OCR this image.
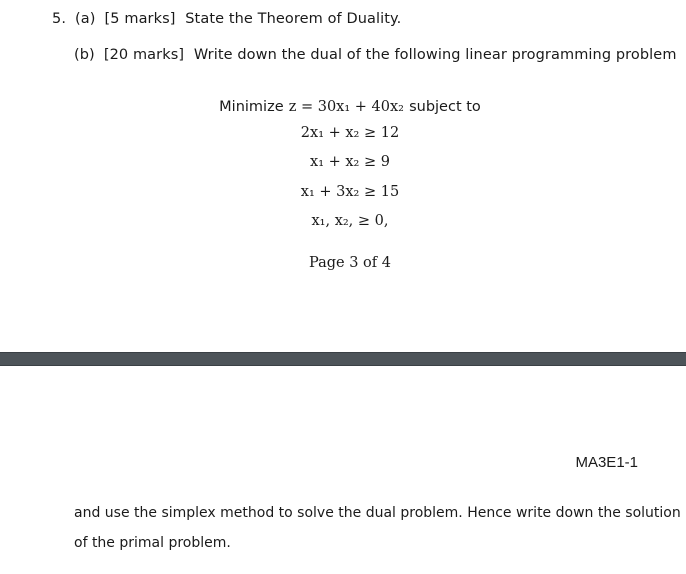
5. (a) [5 marks] State the Theorem of Duality.
(b) [20 marks] Write down the dual of the following linear programming problem
Minimize z = 30x₁ + 40x₂ subject to
2x₁ + x₂ ≥ 12
x₁ + x₂ ≥ 9
x₁ + 3x₂ ≥ 15
x₁, x₂, ≥ 0,
Page 3 of 4
MA3E1-1
and use the simplex method to solve the dual problem. Hence write down the solution
of the primal problem.
